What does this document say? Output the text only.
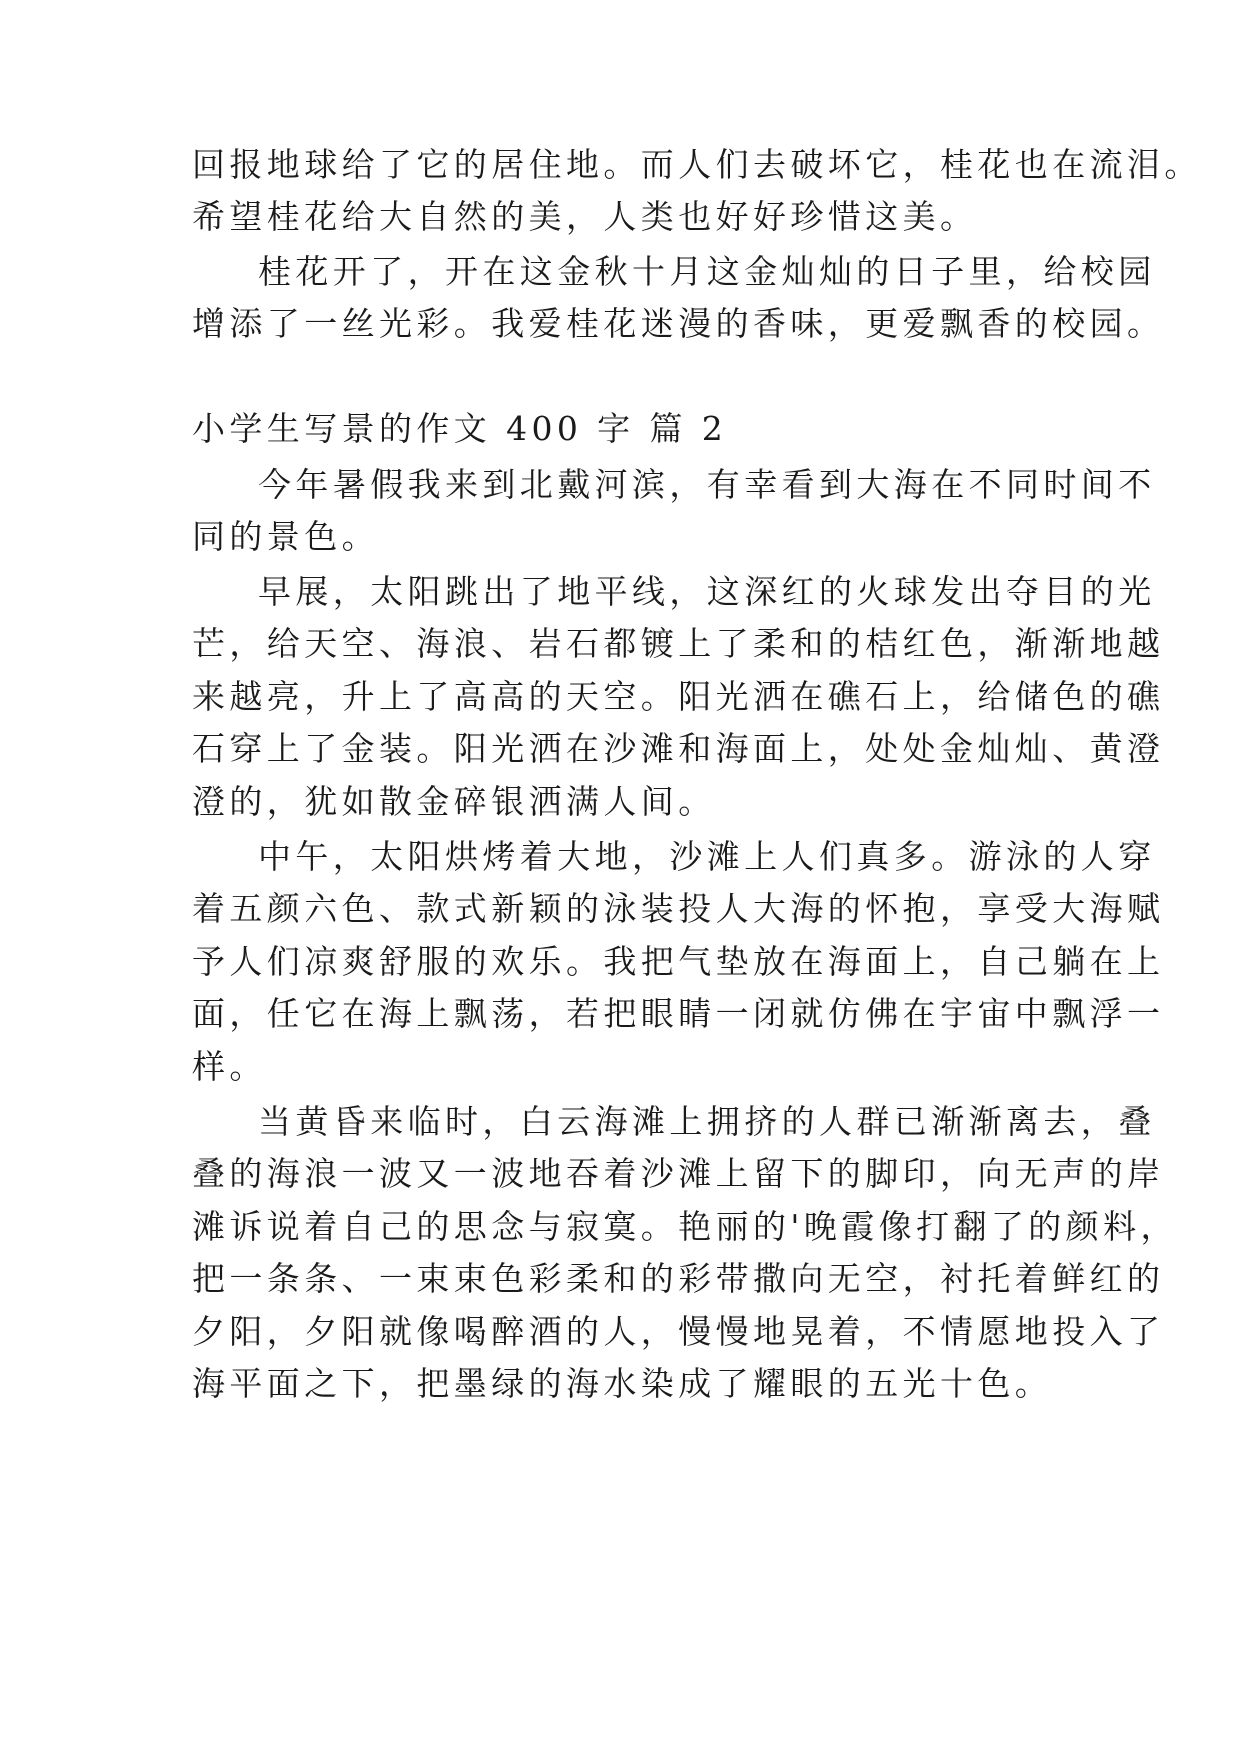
回报地球给了它的居住地。而人们去破坏它，桂花也在流泪。
希望桂花给大自然的美，人类也好好珍惜这美。
桂花开了，开在这金秋十月这金灿灿的日子里，给校园
增添了一丝光彩。我爱桂花迷漫的香味，更爱飘香的校园。
小学生写景的作文 400 字 篇 2
今年暑假我来到北戴河滨，有幸看到大海在不同时间不
同的景色。
早展，太阳跳出了地平线，这深红的火球发出夺目的光
芒，给天空、海浪、岩石都镀上了柔和的桔红色，渐渐地越
来越亮，升上了高高的天空。阳光洒在礁石上，给储色的礁
石穿上了金装。阳光洒在沙滩和海面上，处处金灿灿、黄澄
澄的，犹如散金碎银洒满人间。
中午，太阳烘烤着大地，沙滩上人们真多。游泳的人穿
着五颜六色、款式新颖的泳装投人大海的怀抱，享受大海赋
予人们凉爽舒服的欢乐。我把气垫放在海面上，自己躺在上
面，任它在海上飘荡，若把眼睛一闭就仿佛在宇宙中飘浮一
样。
当黄昏来临时，白云海滩上拥挤的人群已渐渐离去，叠
叠的海浪一波又一波地吞着沙滩上留下的脚印，向无声的岸
滩诉说着自己的思念与寂寞。艳丽的'晚霞像打翻了的颜料，
把一条条、一束束色彩柔和的彩带撒向无空，衬托着鲜红的
夕阳，夕阳就像喝醉酒的人，慢慢地晃着，不情愿地投入了
海平面之下，把墨绿的海水染成了耀眼的五光十色。
